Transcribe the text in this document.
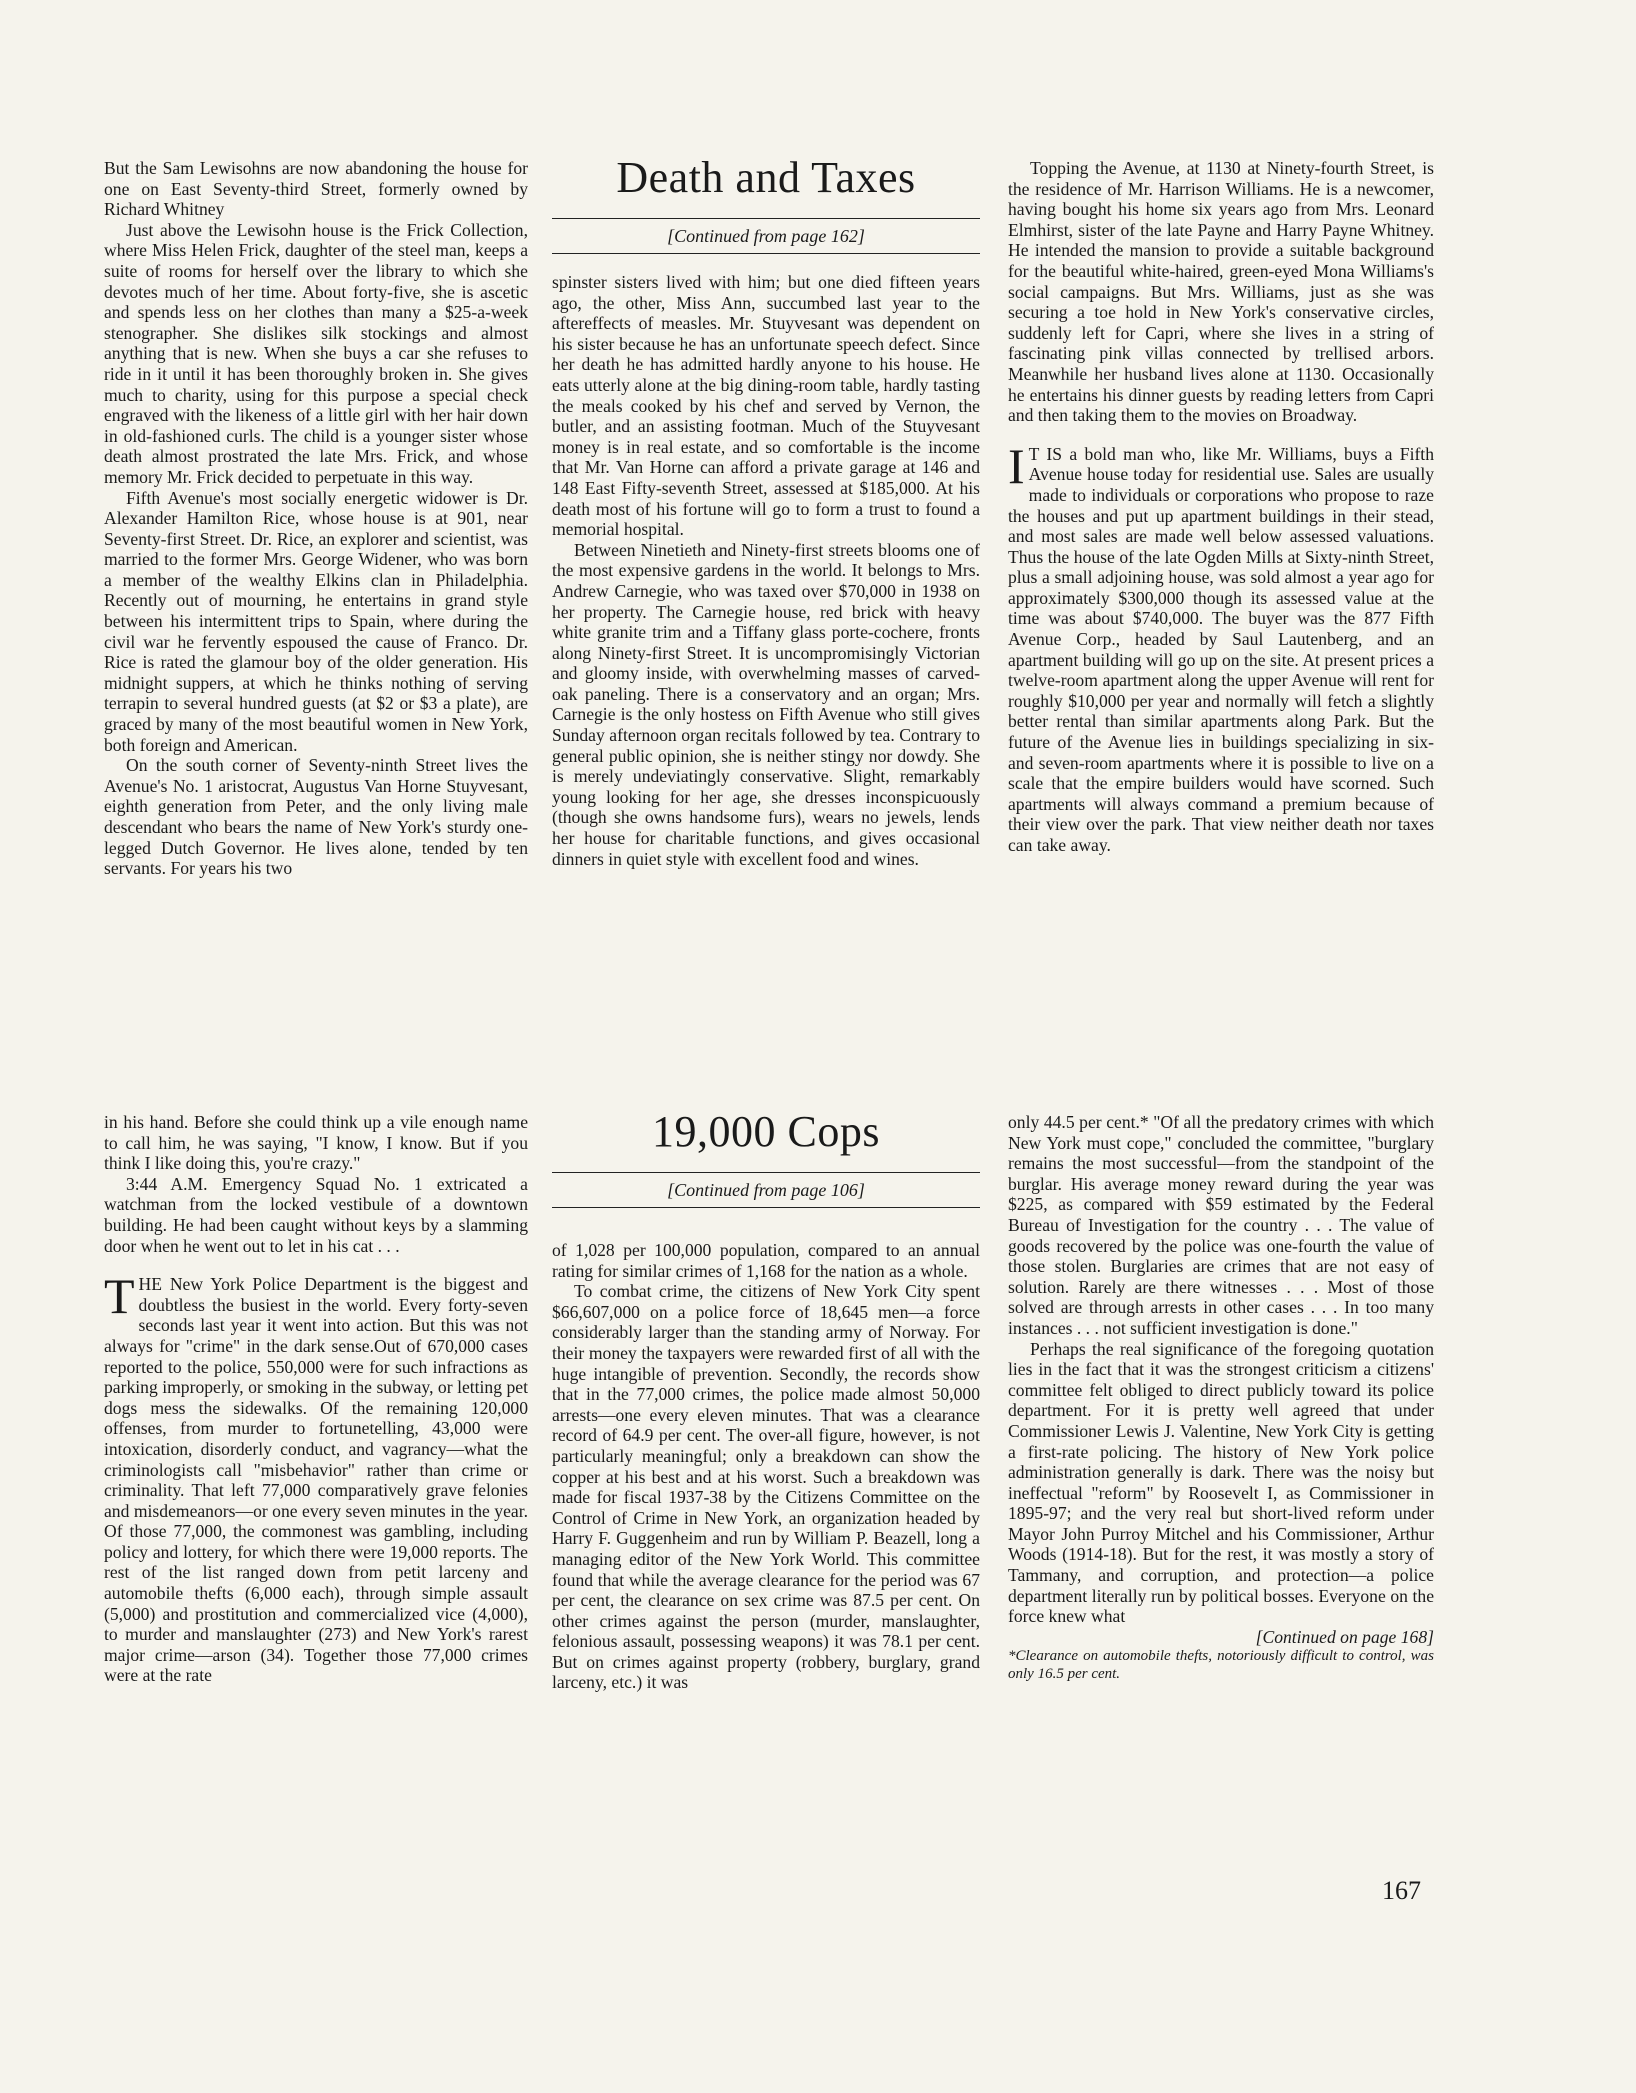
But the Sam Lewisohns are now abandoning the house for one on East Seventy-third Street, formerly owned by Richard Whitney

Just above the Lewisohn house is the Frick Collection, where Miss Helen Frick, daughter of the steel man, keeps a suite of rooms for herself over the library to which she devotes much of her time. About forty-five, she is ascetic and spends less on her clothes than many a $25-a-week stenographer. She dislikes silk stockings and almost anything that is new. When she buys a car she refuses to ride in it until it has been thoroughly broken in. She gives much to charity, using for this purpose a special check engraved with the likeness of a little girl with her hair down in old-fashioned curls. The child is a younger sister whose death almost prostrated the late Mrs. Frick, and whose memory Mr. Frick decided to perpetuate in this way.

Fifth Avenue's most socially energetic widower is Dr. Alexander Hamilton Rice, whose house is at 901, near Seventy-first Street. Dr. Rice, an explorer and scientist, was married to the former Mrs. George Widener, who was born a member of the wealthy Elkins clan in Philadelphia. Recently out of mourning, he entertains in grand style between his intermittent trips to Spain, where during the civil war he fervently espoused the cause of Franco. Dr. Rice is rated the glamour boy of the older generation. His midnight suppers, at which he thinks nothing of serving terrapin to several hundred guests (at $2 or $3 a plate), are graced by many of the most beautiful women in New York, both foreign and American.

On the south corner of Seventy-ninth Street lives the Avenue's No. 1 aristocrat, Augustus Van Horne Stuyvesant, eighth generation from Peter, and the only living male descendant who bears the name of New York's sturdy one-legged Dutch Governor. He lives alone, tended by ten servants. For years his two

Death and Taxes
[Continued from page 162]

spinster sisters lived with him; but one died fifteen years ago, the other, Miss Ann, succumbed last year to the aftereffects of measles. Mr. Stuyvesant was dependent on his sister because he has an unfortunate speech defect. Since her death he has admitted hardly anyone to his house. He eats utterly alone at the big dining-room table, hardly tasting the meals cooked by his chef and served by Vernon, the butler, and an assisting footman. Much of the Stuyvesant money is in real estate, and so comfortable is the income that Mr. Van Horne can afford a private garage at 146 and 148 East Fifty-seventh Street, assessed at $185,000. At his death most of his fortune will go to form a trust to found a memorial hospital.

Between Ninetieth and Ninety-first streets blooms one of the most expensive gardens in the world. It belongs to Mrs. Andrew Carnegie, who was taxed over $70,000 in 1938 on her property. The Carnegie house, red brick with heavy white granite trim and a Tiffany glass porte-cochere, fronts along Ninety-first Street. It is uncompromisingly Victorian and gloomy inside, with overwhelming masses of carved-oak paneling. There is a conservatory and an organ; Mrs. Carnegie is the only hostess on Fifth Avenue who still gives Sunday afternoon organ recitals followed by tea. Contrary to general public opinion, she is neither stingy nor dowdy. She is merely undeviatingly conservative. Slight, remarkably young looking for her age, she dresses inconspicuously (though she owns handsome furs), wears no jewels, lends her house for charitable functions, and gives occasional dinners in quiet style with excellent food and wines.

Topping the Avenue, at 1130 at Ninety-fourth Street, is the residence of Mr. Harrison Williams. He is a newcomer, having bought his home six years ago from Mrs. Leonard Elmhirst, sister of the late Payne and Harry Payne Whitney. He intended the mansion to provide a suitable background for the beautiful white-haired, green-eyed Mona Williams's social campaigns. But Mrs. Williams, just as she was securing a toe hold in New York's conservative circles, suddenly left for Capri, where she lives in a string of fascinating pink villas connected by trellised arbors. Meanwhile her husband lives alone at 1130. Occasionally he entertains his dinner guests by reading letters from Capri and then taking them to the movies on Broadway.

IT IS a bold man who, like Mr. Williams, buys a Fifth Avenue house today for residential use. Sales are usually made to individuals or corporations who propose to raze the houses and put up apartment buildings in their stead, and most sales are made well below assessed valuations. Thus the house of the late Ogden Mills at Sixty-ninth Street, plus a small adjoining house, was sold almost a year ago for approximately $300,000 though its assessed value at the time was about $740,000. The buyer was the 877 Fifth Avenue Corp., headed by Saul Lautenberg, and an apartment building will go up on the site. At present prices a twelve-room apartment along the upper Avenue will rent for roughly $10,000 per year and normally will fetch a slightly better rental than similar apartments along Park. But the future of the Avenue lies in buildings specializing in six- and seven-room apartments where it is possible to live on a scale that the empire builders would have scorned. Such apartments will always command a premium because of their view over the park. That view neither death nor taxes can take away.

in his hand. Before she could think up a vile enough name to call him, he was saying, "I know, I know. But if you think I like doing this, you're crazy."

3:44 A.M. Emergency Squad No. 1 extricated a watchman from the locked vestibule of a downtown building. He had been caught without keys by a slamming door when he went out to let in his cat . . .

THE New York Police Department is the biggest and doubtless the busiest in the world. Every forty-seven seconds last year it went into action. But this was not always for "crime" in the dark sense.Out of 670,000 cases reported to the police, 550,000 were for such infractions as parking improperly, or smoking in the subway, or letting pet dogs mess the sidewalks. Of the remaining 120,000 offenses, from murder to fortunetelling, 43,000 were intoxication, disorderly conduct, and vagrancy—what the criminologists call "misbehavior" rather than crime or criminality. That left 77,000 comparatively grave felonies and misdemeanors—or one every seven minutes in the year. Of those 77,000, the commonest was gambling, including policy and lottery, for which there were 19,000 reports. The rest of the list ranged down from petit larceny and automobile thefts (6,000 each), through simple assault (5,000) and prostitution and commercialized vice (4,000), to murder and manslaughter (273) and New York's rarest major crime—arson (34). Together those 77,000 crimes were at the rate

19,000 Cops
[Continued from page 106]

of 1,028 per 100,000 population, compared to an annual rating for similar crimes of 1,168 for the nation as a whole.

To combat crime, the citizens of New York City spent $66,607,000 on a police force of 18,645 men—a force considerably larger than the standing army of Norway. For their money the taxpayers were rewarded first of all with the huge intangible of prevention. Secondly, the records show that in the 77,000 crimes, the police made almost 50,000 arrests—one every eleven minutes. That was a clearance record of 64.9 per cent. The over-all figure, however, is not particularly meaningful; only a breakdown can show the copper at his best and at his worst. Such a breakdown was made for fiscal 1937-38 by the Citizens Committee on the Control of Crime in New York, an organization headed by Harry F. Guggenheim and run by William P. Beazell, long a managing editor of the New York World. This committee found that while the average clearance for the period was 67 per cent, the clearance on sex crime was 87.5 per cent. On other crimes against the person (murder, manslaughter, felonious assault, possessing weapons) it was 78.1 per cent. But on crimes against property (robbery, burglary, grand larceny, etc.) it was

only 44.5 per cent.* "Of all the predatory crimes with which New York must cope," concluded the committee, "burglary remains the most successful—from the standpoint of the burglar. His average money reward during the year was $225, as compared with $59 estimated by the Federal Bureau of Investigation for the country . . . The value of goods recovered by the police was one-fourth the value of those stolen. Burglaries are crimes that are not easy of solution. Rarely are there witnesses . . . Most of those solved are through arrests in other cases . . . In too many instances . . . not sufficient investigation is done."

Perhaps the real significance of the foregoing quotation lies in the fact that it was the strongest criticism a citizens' committee felt obliged to direct publicly toward its police department. For it is pretty well agreed that under Commissioner Lewis J. Valentine, New York City is getting a first-rate policing. The history of New York police administration generally is dark. There was the noisy but ineffectual "reform" by Roosevelt I, as Commissioner in 1895-97; and the very real but short-lived reform under Mayor John Purroy Mitchel and his Commissioner, Arthur Woods (1914-18). But for the rest, it was mostly a story of Tammany, and corruption, and protection—a police department literally run by political bosses. Everyone on the force knew what

[Continued on page 168]

*Clearance on automobile thefts, notoriously difficult to control, was only 16.5 per cent.

167
